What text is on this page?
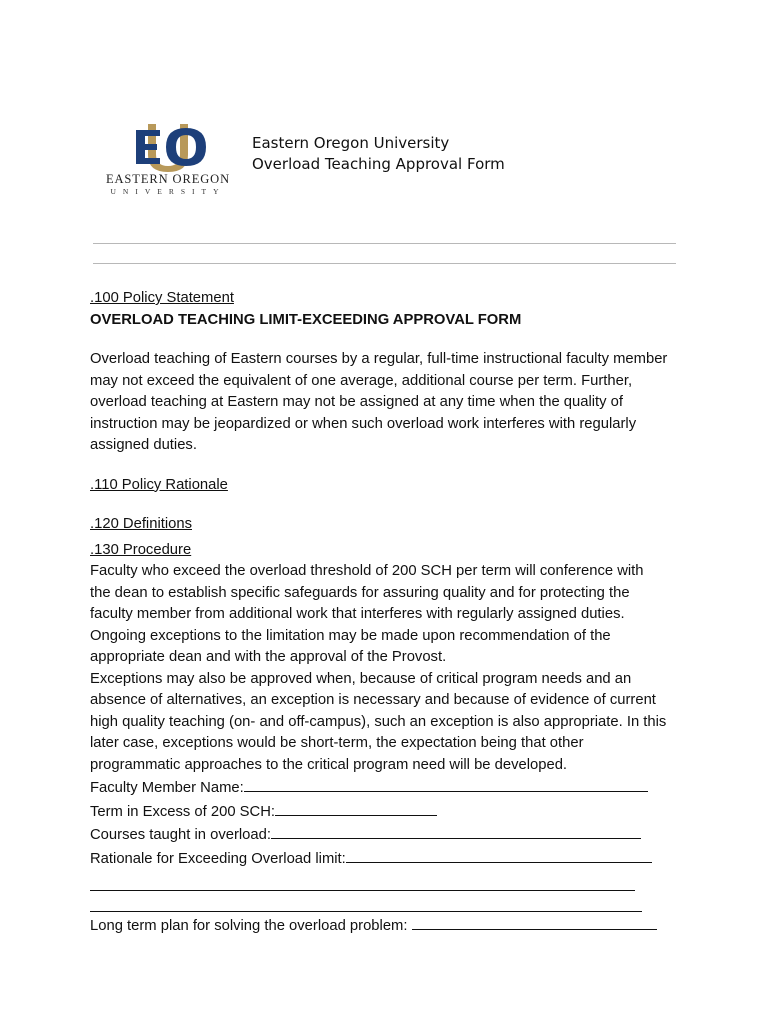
EASTERN OREGON
UNIVERSITY
Eastern Oregon University
Overload Teaching Approval Form

.100 Policy Statement

OVERLOAD TEACHING LIMIT-EXCEEDING APPROVAL FORM

Overload teaching of Eastern courses by a regular, full-time instructional faculty member may not exceed the equivalent of one average, additional course per term. Further, overload teaching at Eastern may not be assigned at any time when the quality of instruction may be jeopardized or when such overload work interferes with regularly assigned duties.

.110 Policy Rationale

.120 Definitions

.130 Procedure

Faculty who exceed the overload threshold of 200 SCH per term will conference with the dean to establish specific safeguards for assuring quality and for protecting the faculty member from additional work that interferes with regularly assigned duties. Ongoing exceptions to the limitation may be made upon recommendation of the appropriate dean and with the approval of the Provost.

Exceptions may also be approved when, because of critical program needs and an absence of alternatives, an exception is necessary and because of evidence of current high quality teaching (on- and off-campus), such an exception is also appropriate. In this later case, exceptions would be short-term, the expectation being that other programmatic approaches to the critical program need will be developed.

Faculty Member Name:
Term in Excess of 200 SCH:
Courses taught in overload:
Rationale for Exceeding Overload limit:
Long term plan for solving the overload problem:
